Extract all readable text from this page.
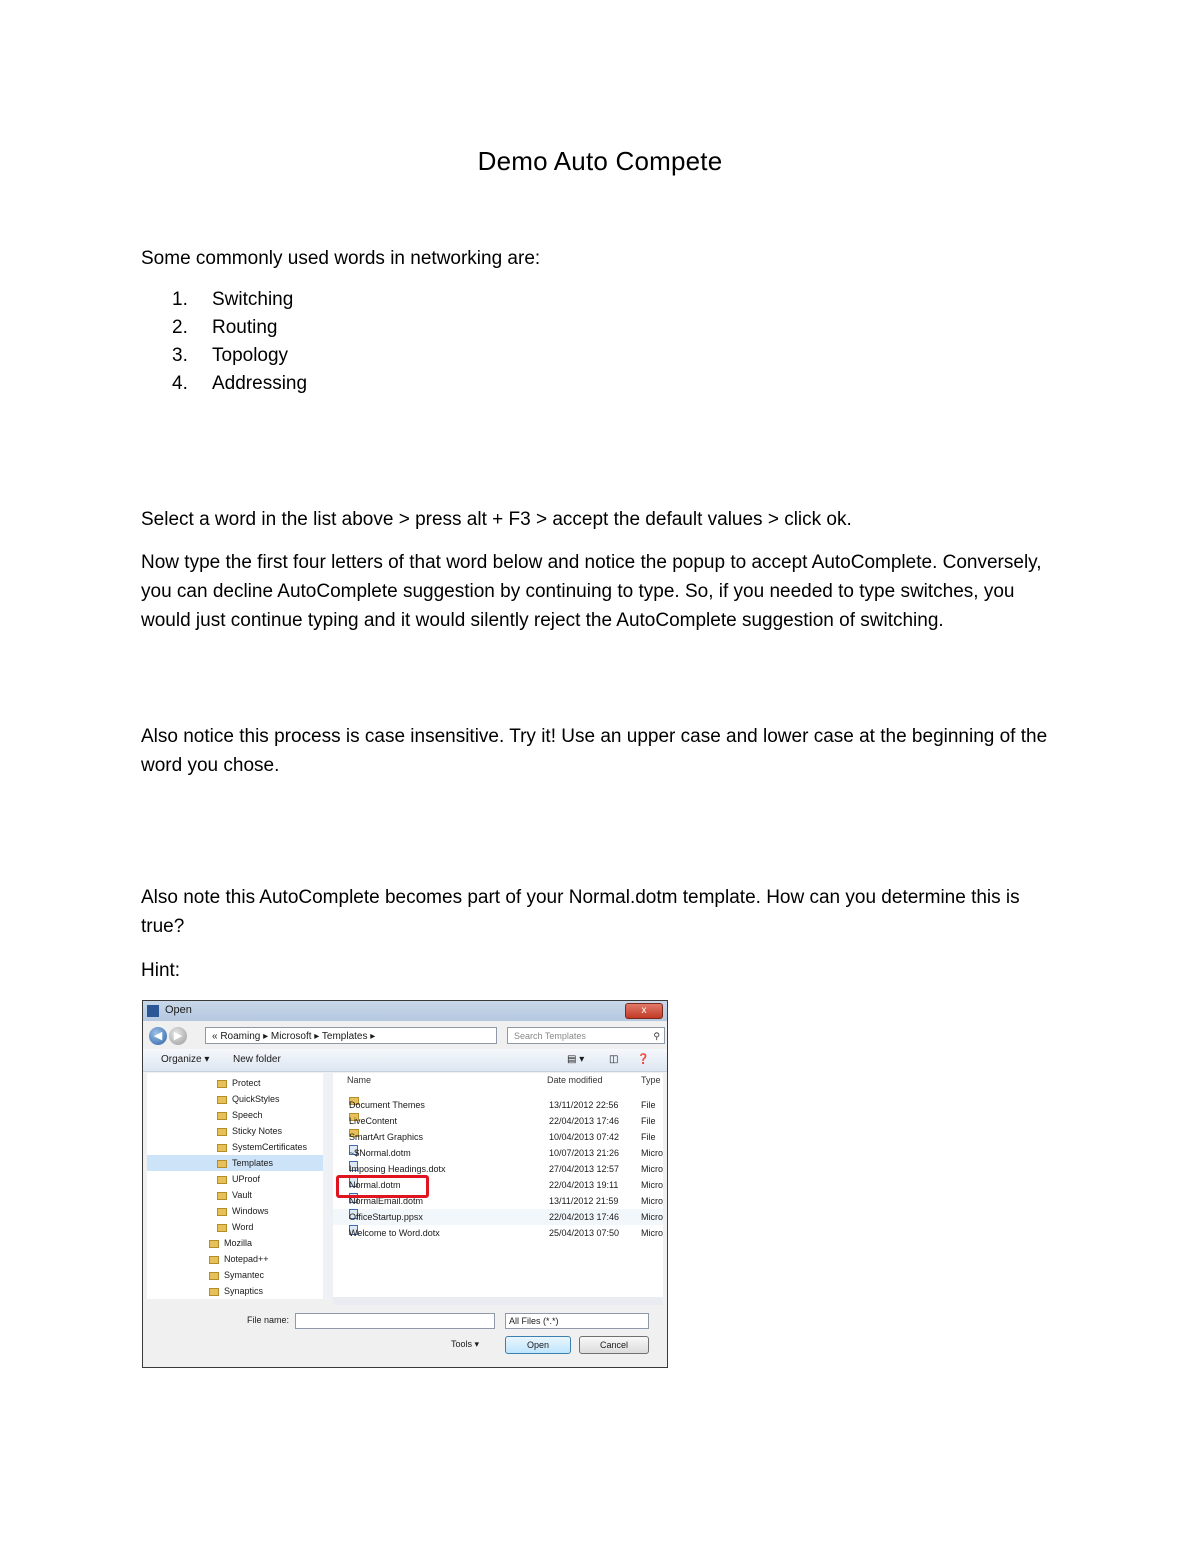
Demo Auto Compete
Some commonly used words in networking are:
1.	Switching
2.	Routing
3.	Topology
4.	Addressing
Select a word in the list above > press alt + F3 > accept the default values > click ok.
Now type the first four letters of that word below and notice the popup to accept AutoComplete. Conversely, you can decline AutoComplete suggestion by continuing to type. So, if you needed to type switches, you would just continue typing and it would silently reject the AutoComplete suggestion of switching.
Also notice this process is case insensitive. Try it! Use an upper case and lower case at the beginning of the word you chose.
Also note this AutoComplete becomes part of your Normal.dotm template. How can you determine this is true?
Hint:
Open	x
◀	▶	« Roaming ▸ Microsoft ▸ Templates ▸	Search Templates	⚲
Organize ▾ New folder	▤ ▾ ◫ ❓
Protect
QuickStyles
Speech
Sticky Notes
SystemCertificates
Templates
UProof
Vault
Windows
Word
Mozilla
Notepad++
Symantec
Synaptics
Name	Date modified	Type
Document Themes	13/11/2012 22:56	File
LiveContent	22/04/2013 17:46 File
SmartArt Graphics	10/04/2013 07:42 File
~$Normal.dotm	10/07/2013 21:26 Micro
Imposing Headings.dotx	27/04/2013 12:57 Micro
Normal.dotm	22/04/2013 19:11	Micro
NormalEmail.dotm	13/11/2012 21:59	Micro
OfficeStartup.ppsx	22/04/2013 17:46 Micro
Welcome to Word.dotx	25/04/2013 07:50 Micro
File name:	All Files (*.*)
Tools ▾	Open	Cancel
